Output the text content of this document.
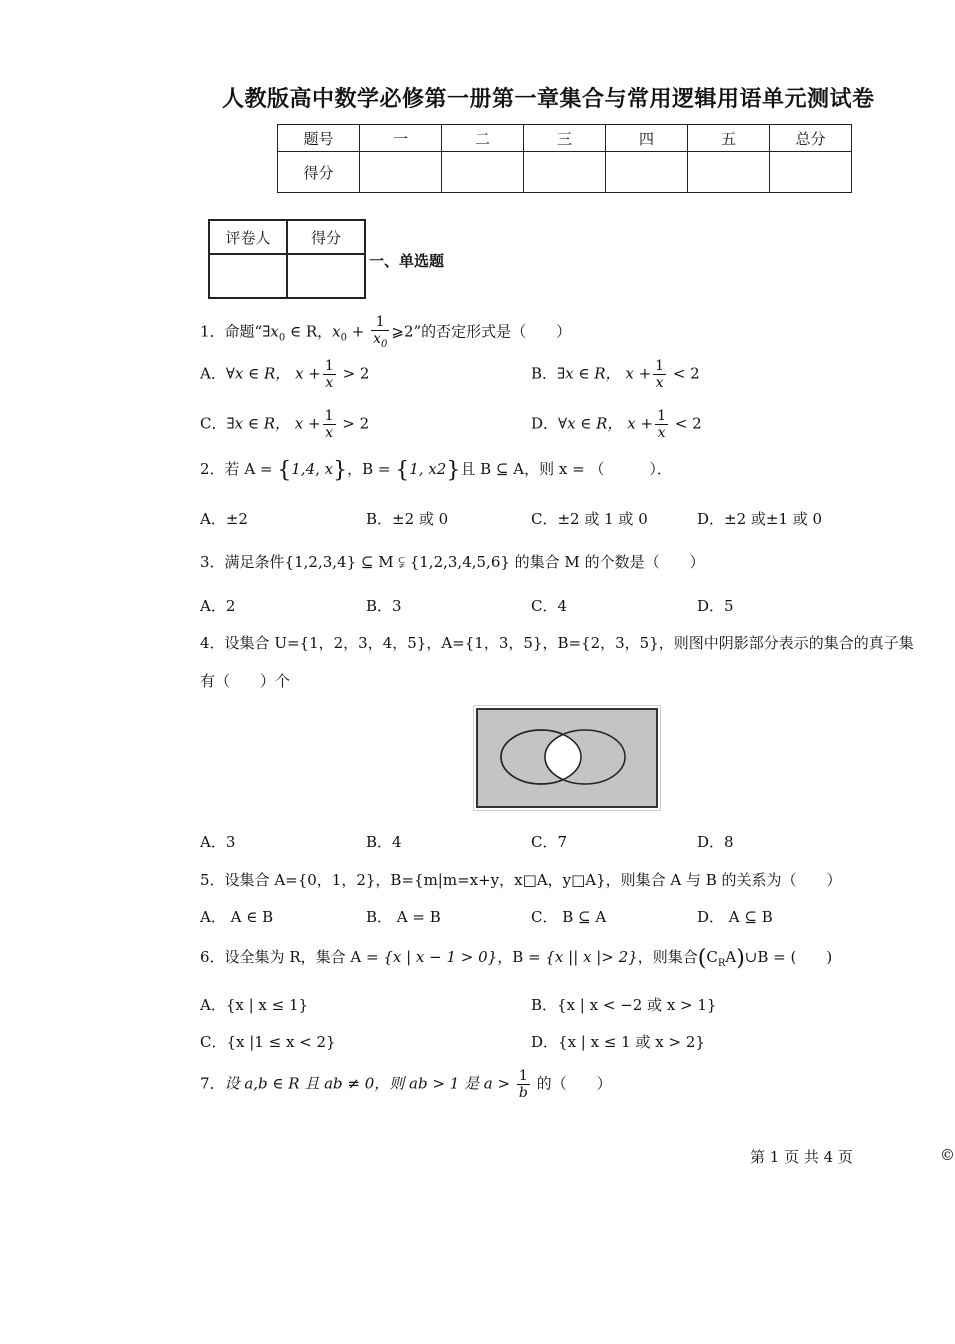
人教版高中数学必修第一册第一章集合与常用逻辑用语单元测试卷
题号	一	二	三	四	五	总分
得分						
评卷人	得分

一、单选题
1．命题“$\exists x_0$ ∈ R，$x_0 + \frac{1}{x_0}$ ⩾2”的否定形式是（　　）
A．∀x ∈ R， $x + \frac{1}{x} > 2$	B．∃x ∈ R， $x + \frac{1}{x} < 2$
C．∃x ∈ R， $x + \frac{1}{x} > 2$	D．∀x ∈ R， $x + \frac{1}{x} < 2$
2．若 A = {1,4, x}，B = {1, x2}且 B ⊆ A，则 x = （　　　）．
A．±2	B．±2 或 0	C．±2 或 1 或 0	D．±2 或±1 或 0
3．满足条件{1,2,3,4} ⊆ M ⫋ {1,2,3,4,5,6} 的集合 M 的个数是（　　）
A．2	B．3	C．4	D．5
4．设集合 U={1，2，3，4，5}，A={1，3，5}，B={2，3，5}，则图中阴影部分表示的集合的真子集
有（　　）个
A．3	B．4	C．7	D．8
5．设集合 A={0，1，2}，B={m|m=x+y，x□A，y□A}，则集合 A 与 B 的关系为（　　）
A． A ∈ B	B． A = B	C． B ⊆ A	D． A ⊆ B
6．设全集为 R，集合 A = {x | x − 1 > 0}，B = {x || x |> 2}，则集合$(C_RA)\cup B$ = (　　)
A．{x | x ≤ 1}	B．{x | x < −2 或 x > 1}
C．{x |1 ≤ x < 2}	D．{x | x ≤ 1 或 x > 2}
7．设 a,b ∈ R 且 ab ≠ 0，则 ab > 1 是 $a > \frac{1}{b}$ 的（　　）
第 1 页 共 4 页	©
